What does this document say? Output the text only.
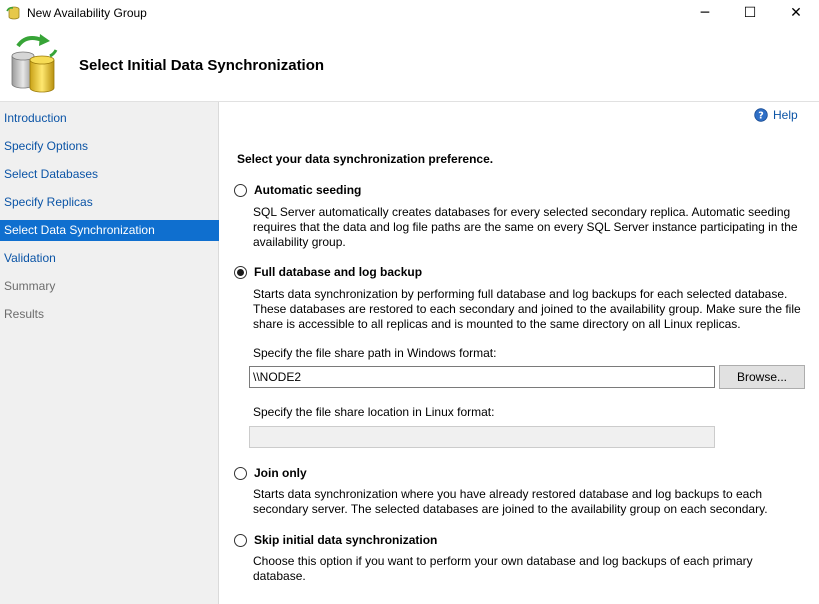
New Availability Group	─	☐	✕
Select Initial Data Synchronization
Introduction
Specify Options
Select Databases
Specify Replicas
Select Data Synchronization
Validation
Summary
Results
? Help
Select your data synchronization preference.
Automatic seeding
SQL Server automatically creates databases for every selected secondary replica. Automatic seeding requires that the data and log file paths are the same on every SQL Server instance participating in the availability group.
Full database and log backup
Starts data synchronization by performing full database and log backups for each selected database. These databases are restored to each secondary and joined to the availability group. Make sure the file share is accessible to all replicas and is mounted to the same directory on all Linux replicas.
Specify the file share path in Windows format:
\\NODE2
Browse...
Specify the file share location in Linux format:
Join only
Starts data synchronization where you have already restored database and log backups to each secondary server. The selected databases are joined to the availability group on each secondary.
Skip initial data synchronization
Choose this option if you want to perform your own database and log backups of each primary database.
